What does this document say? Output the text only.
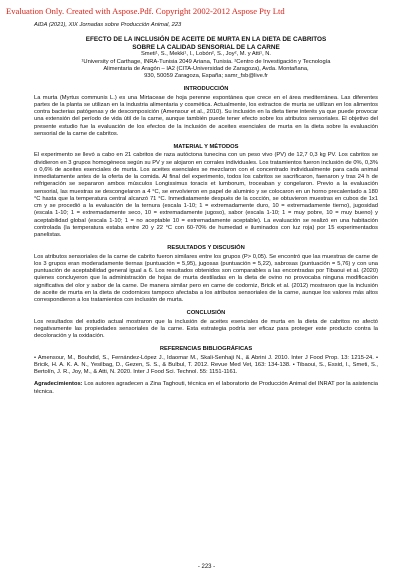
Evaluation Only. Created with Aspose.Pdf. Copyright 2002-2012 Aspose Pty Ltd
AIDA (2021), XIX Jornadas sobre Producción Animal, 223
EFECTO DE LA INCLUSIÓN DE ACEITE DE MURTA EN LA DIETA DE CABRITOS
SOBRE LA CALIDAD SENSORIAL DE LA CARNE
Smeti¹, S., Mekki¹, I., Lobón², S., Joy², M. y Atti¹, N.
¹University of Carthage, INRA-Tunisia 2049 Ariana, Tunisia. ²Centro de Investigación y Tecnología
Alimentaria de Aragón – IA2 (CITA-Universidad de Zaragoza), Avda. Montañana,
930, 50059 Zaragoza, España; samr_fsb@live.fr
INTRODUCCIÓN

La murta (Myrtus communis L.) es una Mirtaceae de hoja perenne espontánea que crece en el área mediterránea. Las diferentes partes de la planta se utilizan en la industria alimentaria y cosmética. Actualmente, los extractos de murta se utilizan en los alimentos contra bacterias patógenas y de descomposición (Amensour et al., 2010). Su inclusión en la dieta tiene interés ya que puede provocar una extensión del período de vida útil de la carne, aunque también puede tener efecto sobre los atributos sensoriales. El objetivo del presente estudio fue la evaluación de los efectos de la inclusión de aceites esenciales de murta en la dieta sobre la evaluación sensorial de la carne de cabritos.

MATERIAL Y MÉTODOS

El experimento se llevó a cabo en 21 cabritos de raza autóctona tunecina con un peso vivo (PV) de 12,7 0,3 kg PV. Los cabritos se dividieron en 3 grupos homogéneos según su PV y se alojaron en corrales individuales. Los tratamientos fueron inclusión de 0%, 0,3% o 0,6% de aceites esenciales de murta. Los aceites esenciales se mezclaron con el concentrado individualmente para cada animal inmediatamente antes de la oferta de la comida. Al final del experimento, todos los cabritos se sacrificaron, faenaron y tras 24 h de refrigeración se separaron ambos músculos Longissimus toracis et lumborum, troceaban y congelaron. Previo a la evaluación sensorial, las muestras se descongelaron a 4 °C, se envolvieron en papel de aluminio y se colocaron en un horno precalentado a 180 °C hasta que la temperatura central alcanzó 71 °C. Inmediatamente después de la cocción, se obtuvieron muestras en cubos de 1x1 cm y se procedió a la evaluación de la ternura (escala 1-10; 1 = extremadamente duro, 10 = extremadamente tierno), jugosidad (escala 1-10; 1 = extremadamente seco, 10 = extremadamente jugoso), sabor (escala 1-10; 1 = muy pobre, 10 = muy bueno) y aceptabilidad global (escala 1-10; 1 = no aceptable 10 = extremadamente aceptable). La evaluación se realizó en una habitación controlada (la temperatura estaba entre 20 y 22 °C con 60-70% de humedad e iluminados con luz roja) por 15 experimentados panelistas.

RESULTADOS Y DISCUSIÓN

Los atributos sensoriales de la carne de cabrito fueron similares entre los grupos (P> 0,05). Se encontró que las muestras de carne de los 3 grupos eran moderadamente tiernas (puntuación = 5,95), jugosas (puntuación = 5,22), sabrosas (puntuación = 5,76) y con una puntuación de aceptabilidad general igual a 6. Los resultados obtenidos son comparables a las encontradas por Tibaoui et al. (2020) quienes concluyeron que la administración de hojas de murta destiladas en la dieta de ovino no provocaba ninguna modificación significativa del olor y sabor de la carne. De manera similar pero en carne de codorniz, Bricik et al. (2012) mostraron que la inclusión de aceite de murta en la dieta de codornices tampoco afectaba a los atributos sensoriales de la carne, aunque los valores más altos correspondieron a los tratamientos con inclusión de murta.

CONCLUSIÓN

Los resultados del estudio actual mostraron que la inclusión de aceites esenciales de murta en la dieta de cabritos no afectó negativamente las propiedades sensoriales de la carne. Esta estrategia podría ser eficaz para proteger este producto contra la decoloración y la oxidación.

REFERENCIAS BIBLIOGRÁFICAS

• Amensour, M., Bouhdid, S., Fernández-López J., Idaomar M., Skali-Senhaji N., & Abrini J. 2010. Inter J Food Prop. 13: 1215-24. • Bricik, H. A. K. A. N., Yesilbag, D., Gezen, S. S., & Bulbul, T. 2012. Revue Med Vet, 163: 134-138. • Tibaoui, S., Essid, I., Smeti, S., Bertolín, J. R., Joy, M., & Atti, N. 2020. Inter J Food Sci. Technol. 55: 1151-1161.

Agradecimientos: Los autores agradecen a Zina Taghouti, técnica en el laboratorio de Producción Animal del INRAT por la asistencia técnica.

- 223 -
